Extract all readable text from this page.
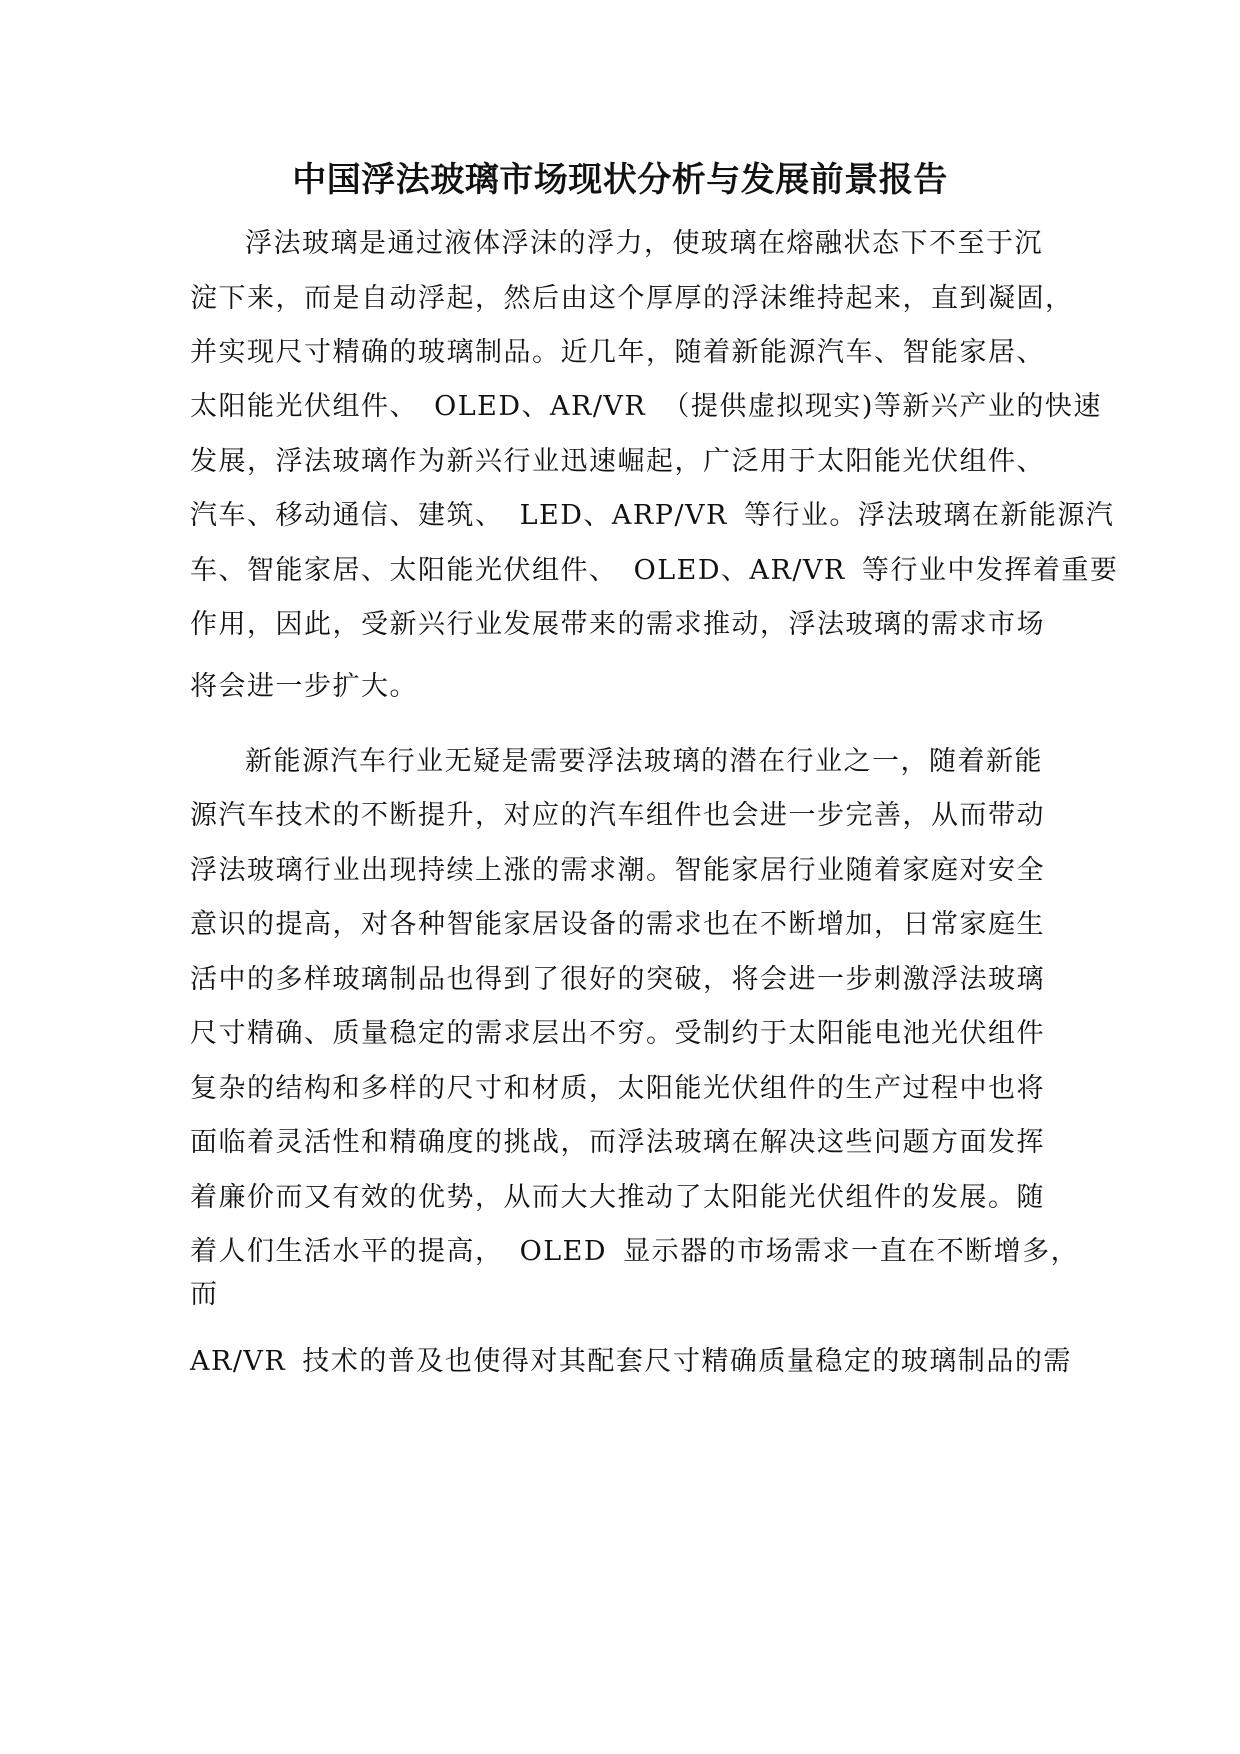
中国浮法玻璃市场现状分析与发展前景报告

浮法玻璃是通过液体浮沫的浮力，使玻璃在熔融状态下不至于沉

淀下来，而是自动浮起，然后由这个厚厚的浮沫维持起来，直到凝固，

并实现尺寸精确的玻璃制品。近几年，随着新能源汽车、智能家居、

太阳能光伏组件、 OLED、AR/VR （提供虚拟现实)等新兴产业的快速

发展，浮法玻璃作为新兴行业迅速崛起，广泛用于太阳能光伏组件、

汽车、移动通信、建筑、 LED、ARP/VR 等行业。浮法玻璃在新能源汽

车、智能家居、太阳能光伏组件、 OLED、AR/VR 等行业中发挥着重要

作用，因此，受新兴行业发展带来的需求推动，浮法玻璃的需求市场

将会进一步扩大。

新能源汽车行业无疑是需要浮法玻璃的潜在行业之一，随着新能

源汽车技术的不断提升，对应的汽车组件也会进一步完善，从而带动

浮法玻璃行业出现持续上涨的需求潮。智能家居行业随着家庭对安全

意识的提高，对各种智能家居设备的需求也在不断增加，日常家庭生

活中的多样玻璃制品也得到了很好的突破，将会进一步刺激浮法玻璃

尺寸精确、质量稳定的需求层出不穷。受制约于太阳能电池光伏组件

复杂的结构和多样的尺寸和材质，太阳能光伏组件的生产过程中也将

面临着灵活性和精确度的挑战，而浮法玻璃在解决这些问题方面发挥

着廉价而又有效的优势，从而大大推动了太阳能光伏组件的发展。随

着人们生活水平的提高， OLED 显示器的市场需求一直在不断增多，

而

AR/VR 技术的普及也使得对其配套尺寸精确质量稳定的玻璃制品的需
